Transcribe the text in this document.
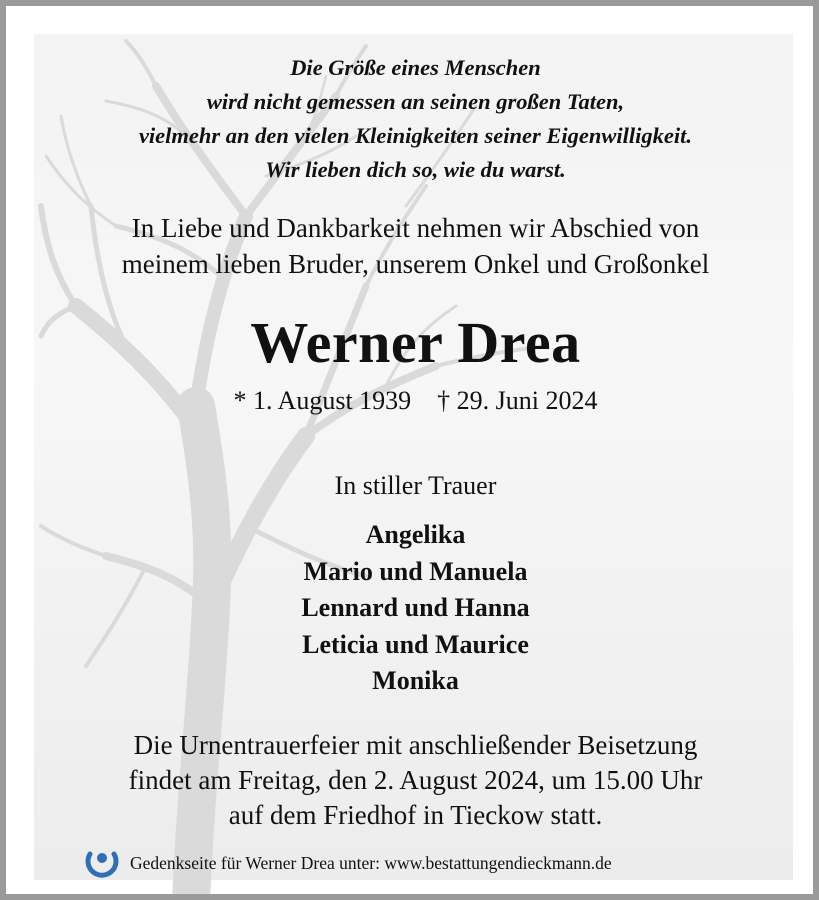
Die Größe eines Menschen
wird nicht gemessen an seinen großen Taten,
vielmehr an den vielen Kleinigkeiten seiner Eigenwilligkeit.
Wir lieben dich so, wie du warst.
In Liebe und Dankbarkeit nehmen wir Abschied von
meinem lieben Bruder, unserem Onkel und Großonkel
Werner Drea
* 1. August 1939 † 29. Juni 2024
In stiller Trauer
Angelika
Mario und Manuela
Lennard und Hanna
Leticia und Maurice
Monika
Die Urnentrauerfeier mit anschließender Beisetzung
findet am Freitag, den 2. August 2024, um 15.00 Uhr
auf dem Friedhof in Tieckow statt.
Gedenkseite für Werner Drea unter: www.bestattungendieckmann.de
